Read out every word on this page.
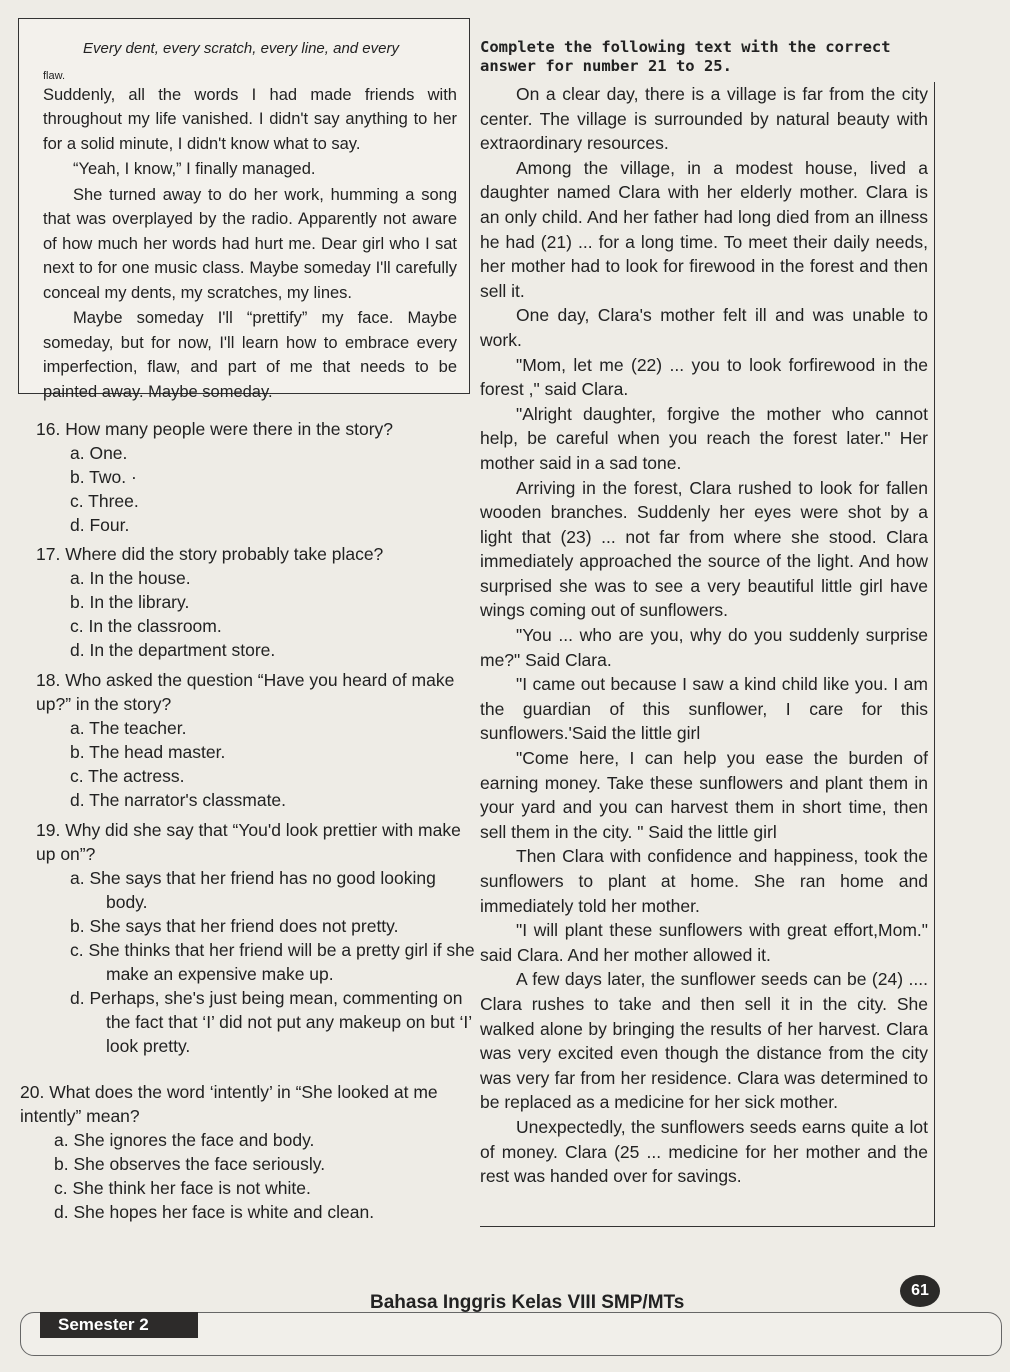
Every dent, every scratch, every line, and every

flaw.

Suddenly, all the words I had made friends with throughout my life vanished. I didn't say anything to her for a solid minute, I didn't know what to say.

“Yeah, I know,” I finally managed.

She turned away to do her work, humming a song that was overplayed by the radio. Apparently not aware of how much her words had hurt me. Dear girl who I sat next to for one music class. Maybe someday I'll carefully conceal my dents, my scratches, my lines.

Maybe someday I'll “prettify” my face. Maybe someday, but for now, I'll learn how to embrace every imperfection, flaw, and part of me that needs to be painted away. Maybe someday.

16. How many people were there in the story?

a. One.

b. Two. ·

c. Three.

d. Four.

17. Where did the story probably take place?

a. In the house.

b. In the library.

c. In the classroom.

d. In the department store.

18. Who asked the question “Have you heard of make up?” in the story?

a. The teacher.

b. The head master.

c. The actress.

d. The narrator's classmate.

19. Why did she say that “You'd look prettier with make up on”?

a. She says that her friend has no good looking body.

b. She says that her friend does not pretty.

c. She thinks that her friend will be a pretty girl if she make an expensive make up.

d. Perhaps, she's just being mean, commenting on the fact that ‘I’ did not put any makeup on but ‘I’ look pretty.

20. What does the word ‘intently’ in “She looked at me intently” mean?

a. She ignores the face and body.

b. She observes the face seriously.

c. She think her face is not white.

d. She hopes her face is white and clean.

Complete the following text with the correct answer for number 21 to 25.

On a clear day, there is a village is far from the city center. The village is surrounded by natural beauty with extraordinary resources.

Among the village, in a modest house, lived a daughter named Clara with her elderly mother. Clara is an only child. And her father had long died from an illness he had (21) ... for a long time. To meet their daily needs, her mother had to look for firewood in the forest and then sell it.

One day, Clara's mother felt ill and was unable to work.

"Mom, let me (22) ... you to look forfirewood in the forest ," said Clara.

"Alright daughter, forgive the mother who cannot help, be careful when you reach the forest later." Her mother said in a sad tone.

Arriving in the forest, Clara rushed to look for fallen wooden branches. Suddenly her eyes were shot by a light that (23) ... not far from where she stood. Clara immediately approached the source of the light. And how surprised she was to see a very beautiful little girl have wings coming out of sunflowers.

"You ... who are you, why do you suddenly surprise me?" Said Clara.

"I came out because I saw a kind child like you. I am the guardian of this sunflower, I care for this sunflowers.'Said the little girl

"Come here, I can help you ease the burden of earning money. Take these sunflowers and plant them in your yard and you can harvest them in short time, then sell them in the city. " Said the little girl

Then Clara with confidence and happiness, took the sunflowers to plant at home. She ran home and immediately told her mother.

"I will plant these sunflowers with great effort,Mom." said Clara. And her mother allowed it.

A few days later, the sunflower seeds can be (24) .... Clara rushes to take and then sell it in the city. She walked alone by bringing the results of her harvest. Clara was very excited even though the distance from the city was very far from her residence. Clara was determined to be replaced as a medicine for her sick mother.

Unexpectedly, the sunflowers seeds earns quite a lot of money. Clara (25 ... medicine for her mother and the rest was handed over for savings.

Semester 2
Bahasa Inggris Kelas VIII SMP/MTs
61
